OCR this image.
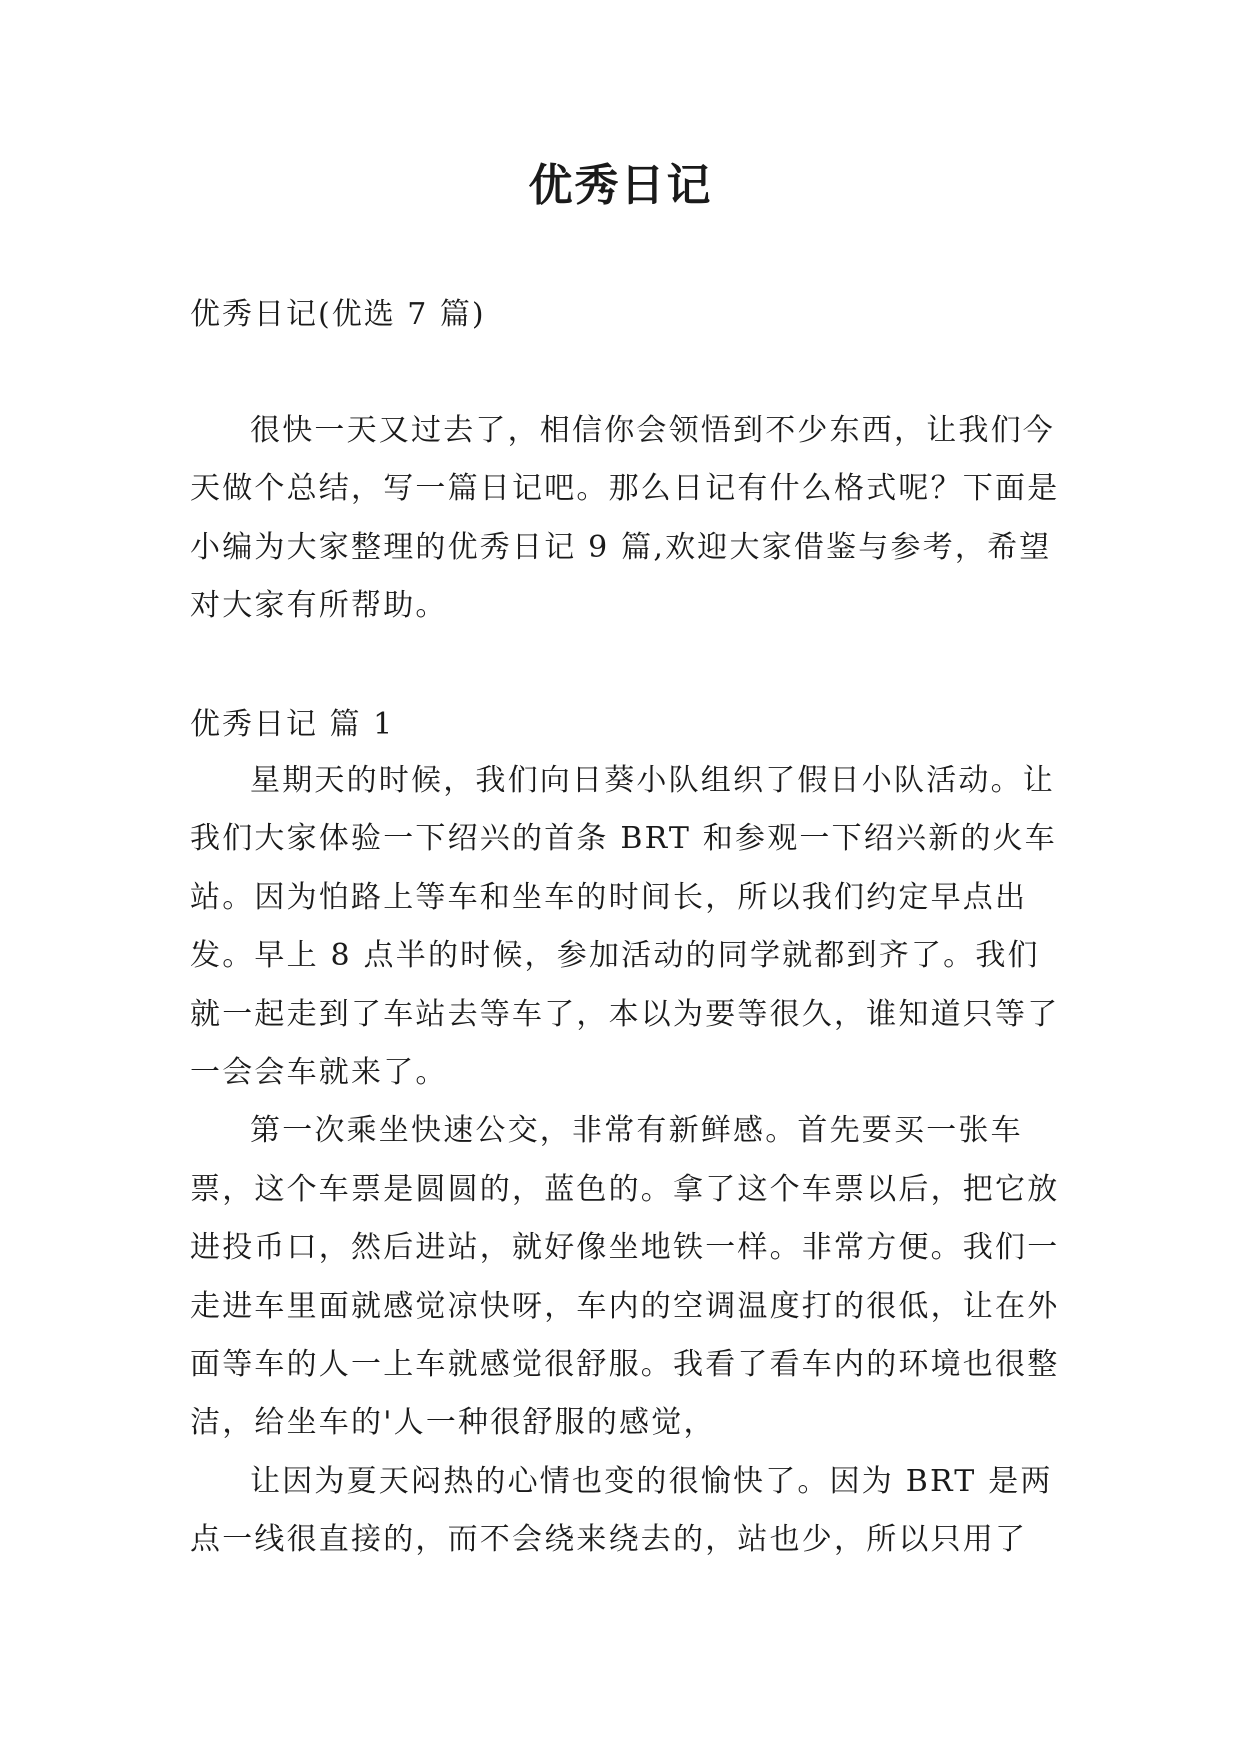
优秀日记
优秀日记(优选 7 篇)

很快一天又过去了，相信你会领悟到不少东西，让我们今天做个总结，写一篇日记吧。那么日记有什么格式呢？下面是小编为大家整理的优秀日记 9 篇,欢迎大家借鉴与参考，希望对大家有所帮助。

优秀日记 篇 1

星期天的时候，我们向日葵小队组织了假日小队活动。让我们大家体验一下绍兴的首条 BRT 和参观一下绍兴新的火车站。因为怕路上等车和坐车的时间长，所以我们约定早点出发。早上 8 点半的时候，参加活动的同学就都到齐了。我们就一起走到了车站去等车了，本以为要等很久，谁知道只等了一会会车就来了。

第一次乘坐快速公交，非常有新鲜感。首先要买一张车票，这个车票是圆圆的，蓝色的。拿了这个车票以后，把它放进投币口，然后进站，就好像坐地铁一样。非常方便。我们一走进车里面就感觉凉快呀，车内的空调温度打的很低，让在外面等车的人一上车就感觉很舒服。我看了看车内的环境也很整洁，给坐车的'人一种很舒服的感觉，

让因为夏天闷热的心情也变的很愉快了。因为 BRT 是两点一线很直接的，而不会绕来绕去的，站也少，所以只用了
